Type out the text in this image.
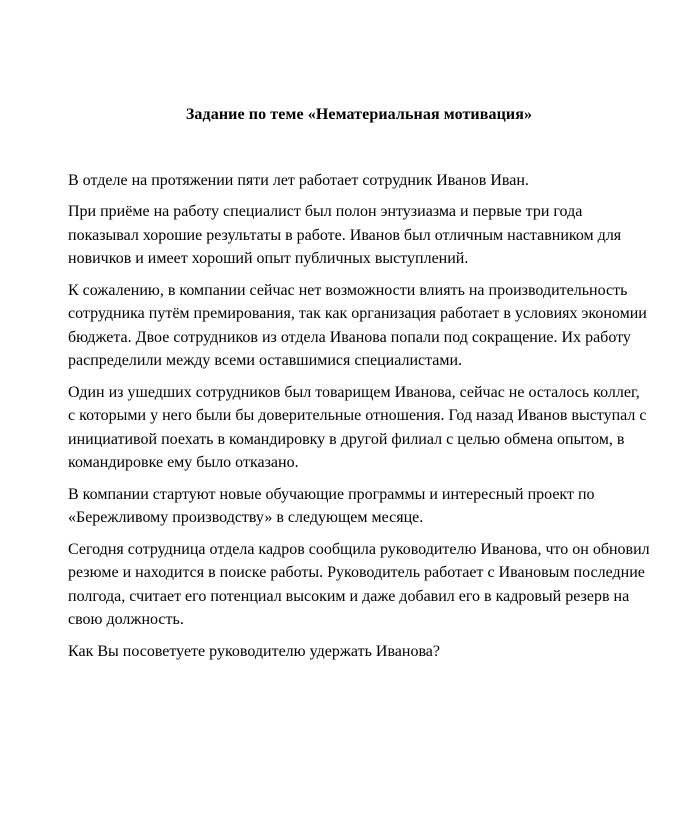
Задание по теме «Нематериальная мотивация»

В отделе на протяжении пяти лет работает сотрудник Иванов Иван.

При приёме на работу специалист был полон энтузиазма и первые три года показывал хорошие результаты в работе. Иванов был отличным наставником для новичков и имеет хороший опыт публичных выступлений.

К сожалению, в компании сейчас нет возможности влиять на производительность сотрудника путём премирования, так как организация работает в условиях экономии бюджета. Двое сотрудников из отдела Иванова попали под сокращение. Их работу распределили между всеми оставшимися специалистами.

Один из ушедших сотрудников был товарищем Иванова, сейчас не осталось коллег, с которыми у него были бы доверительные отношения. Год назад Иванов выступал с инициативой поехать в командировку в другой филиал с целью обмена опытом, в командировке ему было отказано.

В компании стартуют новые обучающие программы и интересный проект по «Бережливому производству» в следующем месяце.

Сегодня сотрудница отдела кадров сообщила руководителю Иванова, что он обновил резюме и находится в поиске работы. Руководитель работает с Ивановым последние полгода, считает его потенциал высоким и даже добавил его в кадровый резерв на свою должность.

Как Вы посоветуете руководителю удержать Иванова?
